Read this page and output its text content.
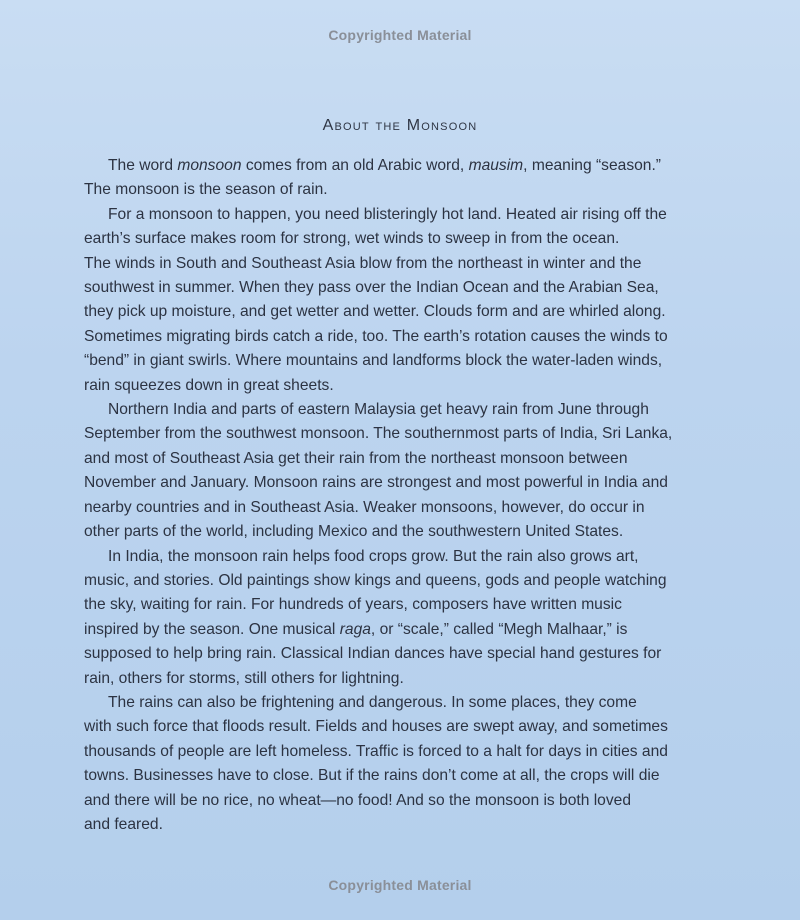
Copyrighted Material
About the Monsoon

The word monsoon comes from an old Arabic word, mausim, meaning “season.”
The monsoon is the season of rain.

For a monsoon to happen, you need blisteringly hot land. Heated air rising off the
earth’s surface makes room for strong, wet winds to sweep in from the ocean.
The winds in South and Southeast Asia blow from the northeast in winter and the
southwest in summer. When they pass over the Indian Ocean and the Arabian Sea,
they pick up moisture, and get wetter and wetter. Clouds form and are whirled along.
Sometimes migrating birds catch a ride, too. The earth’s rotation causes the winds to
“bend” in giant swirls. Where mountains and landforms block the water-laden winds,
rain squeezes down in great sheets.

Northern India and parts of eastern Malaysia get heavy rain from June through
September from the southwest monsoon. The southernmost parts of India, Sri Lanka,
and most of Southeast Asia get their rain from the northeast monsoon between
November and January. Monsoon rains are strongest and most powerful in India and
nearby countries and in Southeast Asia. Weaker monsoons, however, do occur in
other parts of the world, including Mexico and the southwestern United States.

In India, the monsoon rain helps food crops grow. But the rain also grows art,
music, and stories. Old paintings show kings and queens, gods and people watching
the sky, waiting for rain. For hundreds of years, composers have written music
inspired by the season. One musical raga, or “scale,” called “Megh Malhaar,” is
supposed to help bring rain. Classical Indian dances have special hand gestures for
rain, others for storms, still others for lightning.

The rains can also be frightening and dangerous. In some places, they come
with such force that floods result. Fields and houses are swept away, and sometimes
thousands of people are left homeless. Traffic is forced to a halt for days in cities and
towns. Businesses have to close. But if the rains don’t come at all, the crops will die
and there will be no rice, no wheat—no food! And so the monsoon is both loved
and feared.

Copyrighted Material
